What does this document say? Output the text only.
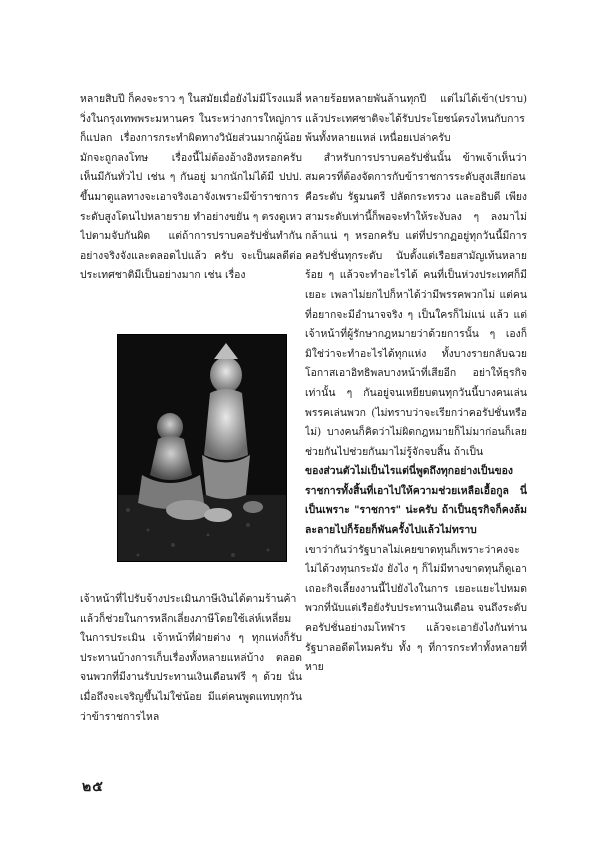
หลายสิบปี ก็คงจะราว ๆ ในสมัยเมื่อยังไม่มีโรงแมลี่ วิ่งในกรุงเทพพระมหานคร ในระหว่างการใหญ่การก็แปลก เรื่องการกระทำผิดทางวินัยส่วนมากผู้น้อยมักจะถูกลงโทษ เรื่องนี้ไม่ต้องอ้างอิงหรอกครับ เห็นมีกันทั่วไป เช่น ๆ กันอยู่ มากนักไม่ได้มี ปปป. ขึ้นมาดูแลทางจะเอาจริงเอาจังเพราะมีข้าราชการระดับสูงโดนไปหลายราย ทำอย่างขยัน ๆ ตรงดูเหวไปตามจับกันผิด แต่ถ้าการปราบคอรัปชั่นทำกันอย่างจริงจังและตลอดไปแล้ว ครับ จะเป็นผลดีต่อประเทศชาติมีเป็นอย่างมาก เช่น เรื่อง

เจ้าหน้าที่ไปรับจ้างประเมินภาษีเงินได้ตามร้านค้าแล้วก็ช่วยในการหลีกเลี่ยงภาษีโดยใช้เล่ห์เหลี่ยมในการประเมิน เจ้าหน้าที่ฝ่ายต่าง ๆ ทุกแห่งก็รับประทานบ้างการเก็บเรื่องทั้งหลายแหล่บ้าง ตลอดจนพวกที่มีงานรับประทานเงินเดือนฟรี ๆ ด้วย นั่นเมื่อถึงจะเจริญขึ้นไม่ใช่น้อย มีแต่คนพูดแทบทุกวันว่าข้าราชการไหล

หลายร้อยหลายพันล้านทุกปี แต่ไม่ได้เข้า(ปราบ) แล้วประเทศชาติจะได้รับประโยชน์ตรงไหนกับการพ้นทั้งหลายแหล่ เหนื่อยเปล่าครับ

สำหรับการปราบคอรัปชั่นนั้น ข้าพเจ้าเห็นว่าสมควรที่ต้องจัดการกับข้าราชการระดับสูงเสียก่อน คือระดับ รัฐมนตรี ปลัดกระทรวง และอธิบดี เพียงสามระดับเท่านี้ก็พอจะทำให้ระงับลง ๆ ลงมาไม่กล้าแน่ ๆ หรอกครับ แต่ที่ปรากฏอยู่ทุกวันนี้มีการคอรัปชั่นทุกระดับ นับตั้งแต่เรือยสามัญเท้นหลายร้อย ๆ แล้วจะทำอะไรได้ คนที่เป็นห่วงประเทศก็มีเยอะ เพลาไม่ยกไปก็หาได้ว่ามีพรรคพวกไม่ แต่คนที่อยากจะมีอำนาจจริง ๆ เป็นใครก็ไม่แน่ แล้ว แต่เจ้าหน้าที่ผู้รักษากฎหมายว่าด้วยการนั้น ๆ เองก็มิใช่ว่าจะทำอะไรได้ทุกแห่ง ทั้งบางรายกลับฉวยโอกาสเอาอิทธิพลบางหน้าที่เสียอีก อย่าให้ธุรกิจเท่านั้น ๆ กันอยู่จนเหยียบตนทุกวันนี้บางคนเล่นพรรคเล่นพวก (ไม่ทราบว่าจะเรียกว่าคอรัปชั่นหรือไม่) บางคนก็คิดว่าไม่ผิดกฎหมายก็ไม่มาก่อนก็เลยช่วยกันไปช่วยกันมาไม่รู้จักจบสิ้น ถ้าเป็น

ของส่วนตัวไม่เป็นไรแต่นี่พูดถึงทุกอย่างเป็นของราชการทั้งสิ้นที่เอาไปให้ความช่วยเหลือเอื้อกูล นี่เป็นเพราะ "ราชการ" น่ะครับ ถ้าเป็นธุรกิจก็คงล้มละลายไปก็ร้อยก็พันครั้งไปแล้วไม่ทราบ

เขาว่ากันว่ารัฐบาลไม่เคยขาดทุนก็เพราะว่าคงจะไม่ได้วงทุนกระมัง ยังไง ๆ ก็ไม่มีทางขาดทุนก็ดูเอาเถอะกิจเลี้ยงงานนี้ไปยังไงในการ เยอะแยะไปหมด พวกที่นับแต่เรือยังรับประทานเงินเดือน จนถึงระดับคอรัปชั่นอย่างมโหฬาร แล้วจะเอายังไงกันท่านรัฐบาลอดีตไหมครับ ทั้ง ๆ ที่การกระทำทั้งหลายที่หาย

๒๕
